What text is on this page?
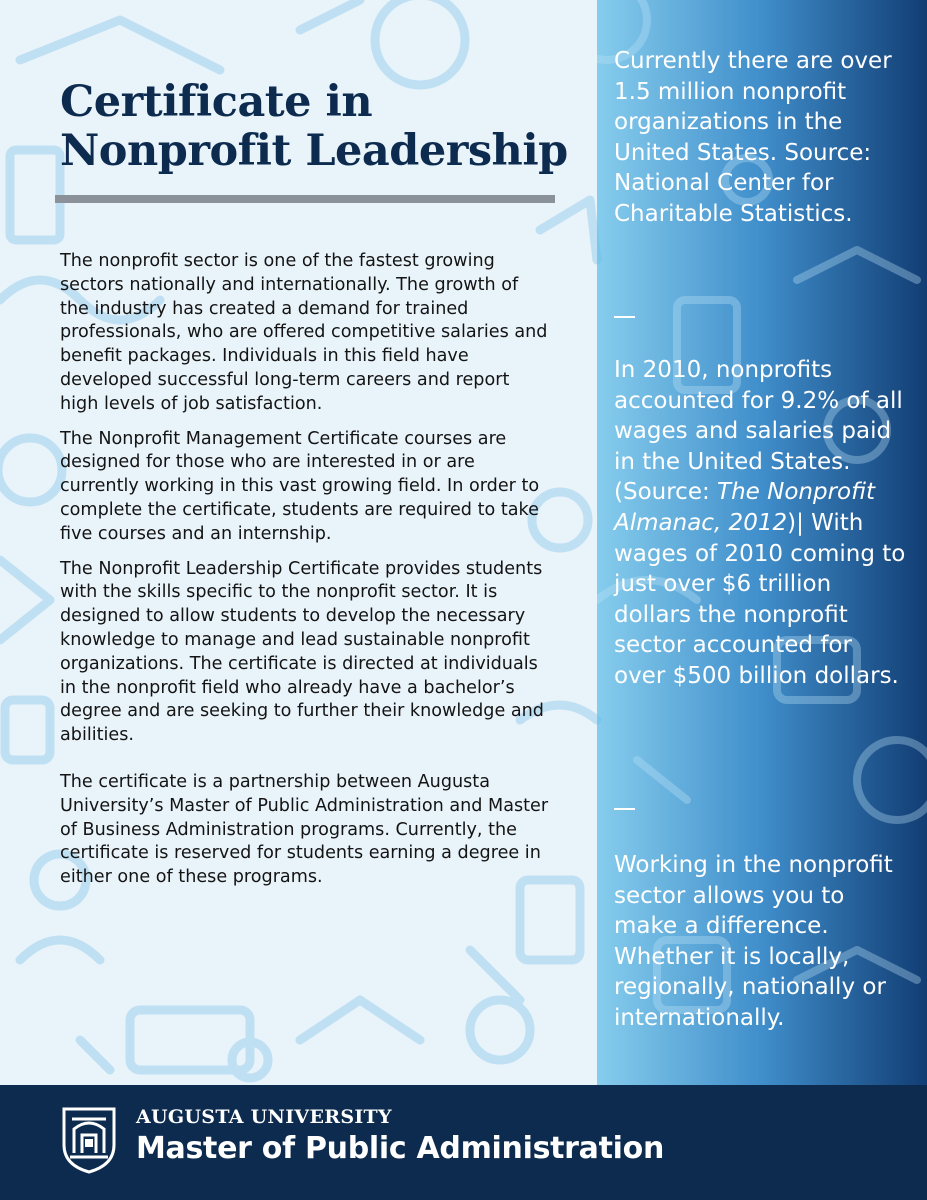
Certificate in
Nonprofit Leadership

The nonprofit sector is one of the fastest growing sectors nationally and internationally. The growth of the industry has created a demand for trained professionals, who are offered competitive salaries and benefit packages. Individuals in this field have developed successful long-term careers and report high levels of job satisfaction.

The Nonprofit Management Certificate courses are designed for those who are interested in or are currently working in this vast growing field. In order to complete the certificate, students are required to take five courses and an internship.

The Nonprofit Leadership Certificate provides students with the skills specific to the nonprofit sector. It is designed to allow students to develop the necessary knowledge to manage and lead sustainable nonprofit organizations. The certificate is directed at individuals in the nonprofit field who already have a bachelor’s degree and are seeking to further their knowledge and abilities.

The certificate is a partnership between Augusta University’s Master of Public Administration and Master of Business Administration programs. Currently, the certificate is reserved for students earning a degree in either one of these programs.

Currently there are over 1.5 million nonprofit organizations in the United States. Source: National Center for Charitable Statistics.

In 2010, nonprofits accounted for 9.2% of all wages and salaries paid in the United States. (Source: The Nonprofit Almanac, 2012)| With wages of 2010 coming to just over $6 trillion dollars the nonprofit sector accounted for over $500 billion dollars.

Working in the nonprofit sector allows you to make a difference. Whether it is locally, regionally, nationally or internationally.

AUGUSTA UNIVERSITY
Master of Public Administration
